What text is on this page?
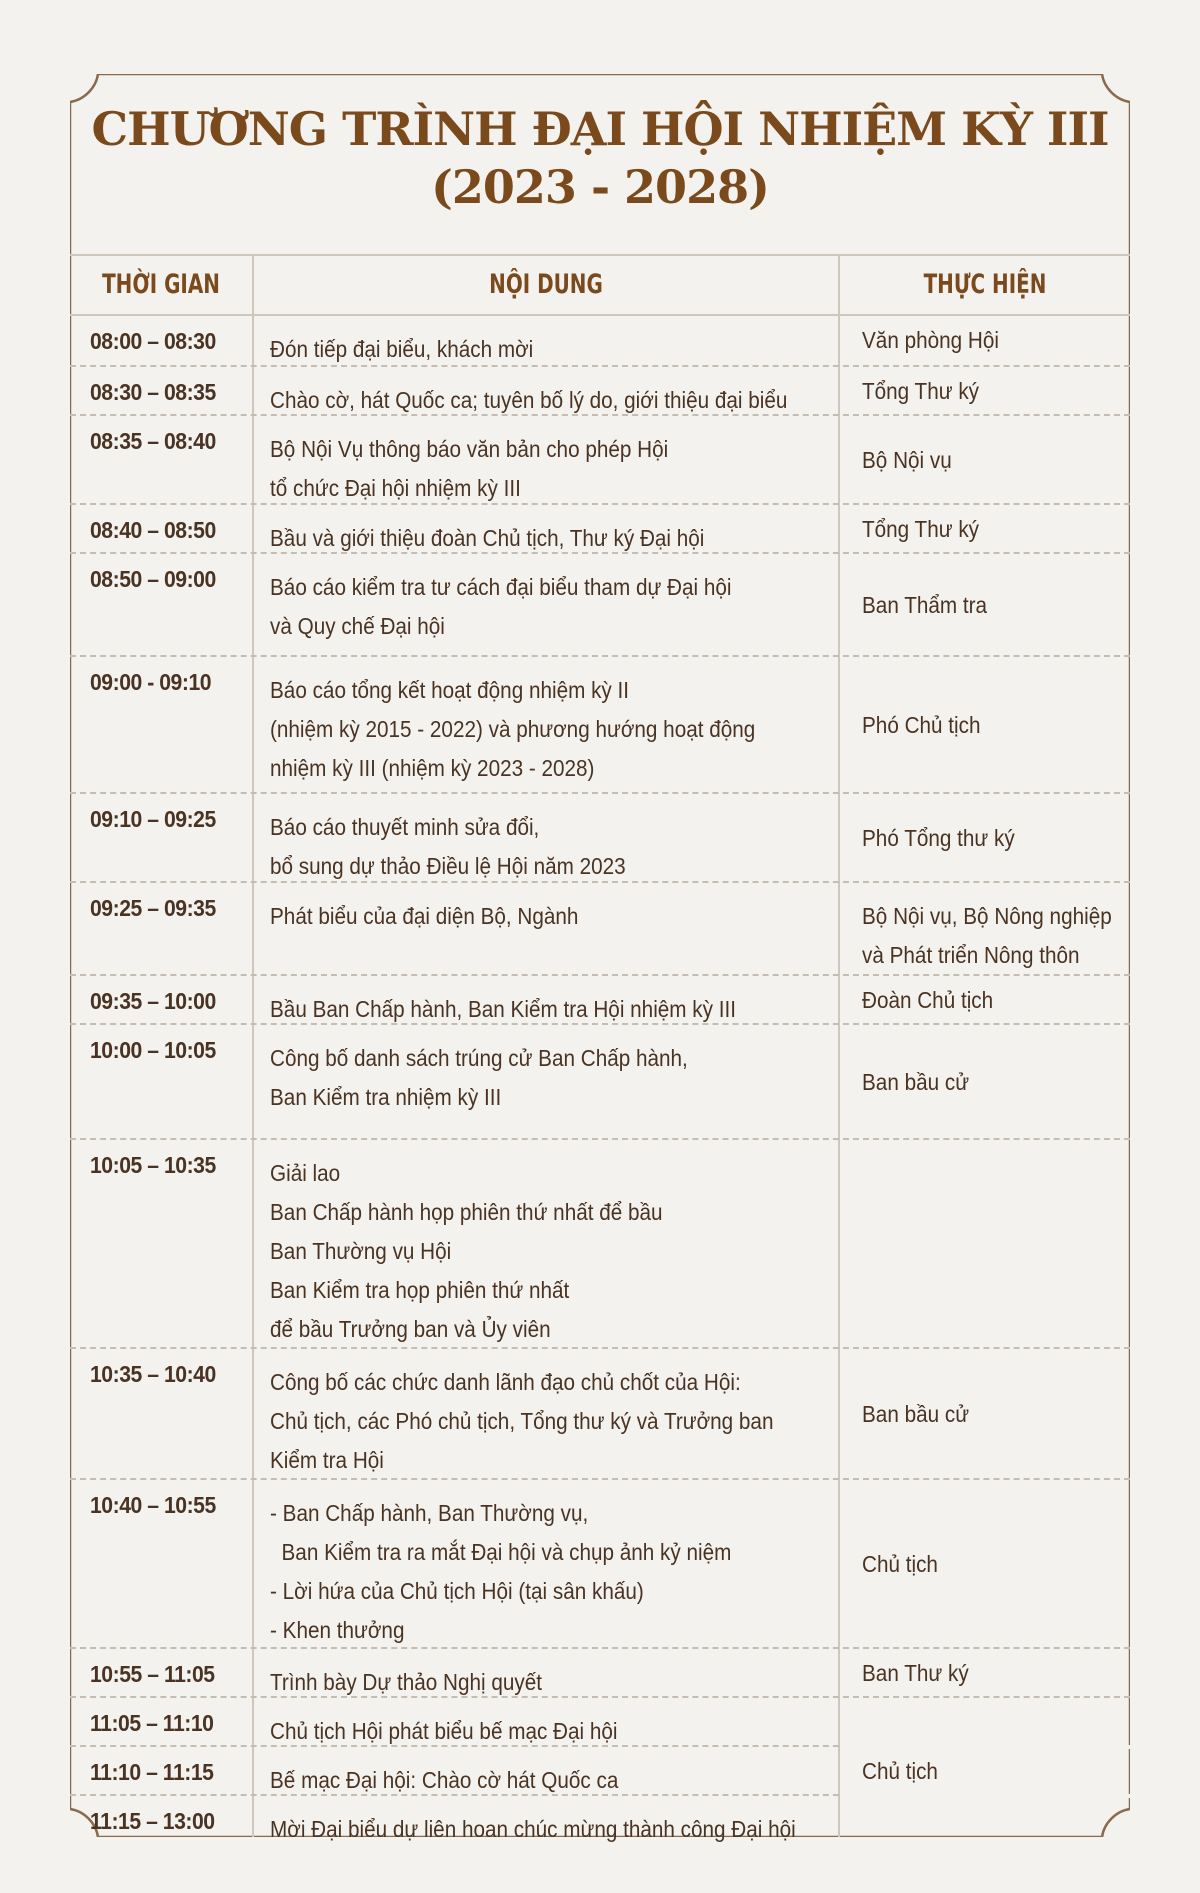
CHƯƠNG TRÌNH ĐẠI HỘI NHIỆM KỲ III
(2023 - 2028)
THỜI GIAN	NỘI DUNG	THỰC HIỆN
08:00 – 08:30	Đón tiếp đại biểu, khách mời	Văn phòng Hội
08:30 – 08:35	Chào cờ, hát Quốc ca; tuyên bố lý do, giới thiệu đại biểu	Tổng Thư ký
08:35 – 08:40	Bộ Nội Vụ thông báo văn bản cho phép Hội
tổ chức Đại hội nhiệm kỳ III
Bộ Nội vụ
08:40 – 08:50	Bầu và giới thiệu đoàn Chủ tịch, Thư ký Đại hội	Tổng Thư ký
08:50 – 09:00	Báo cáo kiểm tra tư cách đại biểu tham dự Đại hội
và Quy chế Đại hội
Ban Thẩm tra
09:00 - 09:10	Báo cáo tổng kết hoạt động nhiệm kỳ II
(nhiệm kỳ 2015 - 2022) và phương hướng hoạt động
nhiệm kỳ III (nhiệm kỳ 2023 - 2028)
Phó Chủ tịch
09:10 – 09:25	Báo cáo thuyết minh sửa đổi,
bổ sung dự thảo Điều lệ Hội năm 2023
Phó Tổng thư ký
09:25 – 09:35	Phát biểu của đại diện Bộ, Ngành	Bộ Nội vụ, Bộ Nông nghiệp
và Phát triển Nông thôn
09:35 – 10:00	Bầu Ban Chấp hành, Ban Kiểm tra Hội nhiệm kỳ III	Đoàn Chủ tịch
10:00 – 10:05	Công bố danh sách trúng cử Ban Chấp hành,
Ban Kiểm tra nhiệm kỳ III
Ban bầu cử
10:05 – 10:35	Giải lao
Ban Chấp hành họp phiên thứ nhất để bầu
Ban Thường vụ Hội
Ban Kiểm tra họp phiên thứ nhất
để bầu Trưởng ban và Ủy viên
10:35 – 10:40	Công bố các chức danh lãnh đạo chủ chốt của Hội:
Chủ tịch, các Phó chủ tịch, Tổng thư ký và Trưởng ban
Kiểm tra Hội
Ban bầu cử
10:40 – 10:55	- Ban Chấp hành, Ban Thường vụ,
Ban Kiểm tra ra mắt Đại hội và chụp ảnh kỷ niệm
- Lời hứa của Chủ tịch Hội (tại sân khấu)
- Khen thưởng
Chủ tịch
10:55 – 11:05	Trình bày Dự thảo Nghị quyết	Ban Thư ký
11:05 – 11:10	Chủ tịch Hội phát biểu bế mạc Đại hội
11:10 – 11:15	Bế mạc Đại hội: Chào cờ hát Quốc ca	Chủ tịch
11:15 – 13:00	Mời Đại biểu dự liên hoan chúc mừng thành công Đại hội
